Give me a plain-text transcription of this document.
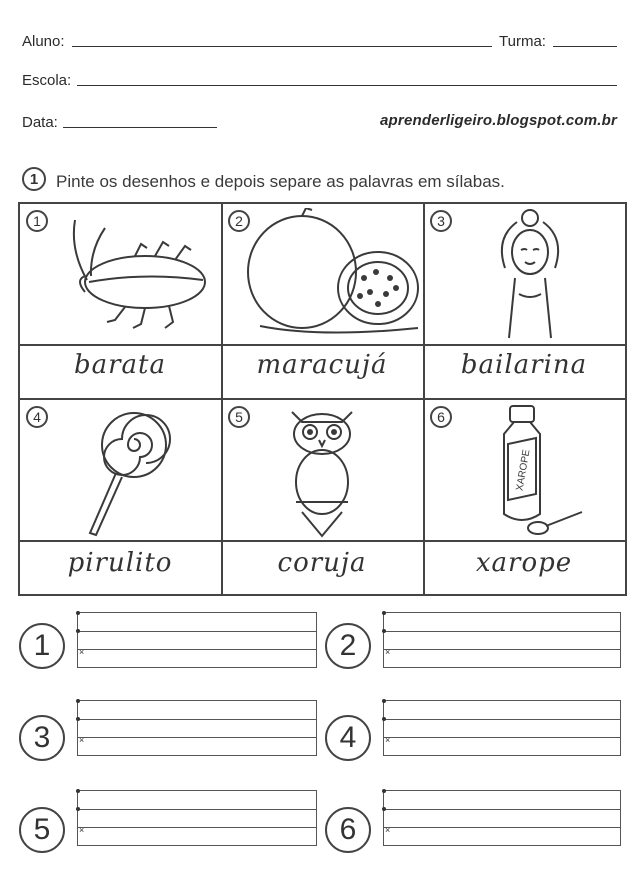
Aluno:	Turma:
Escola:
Data:	aprenderligeiro.blogspot.com.br
1 Pinte os desenhos e depois separe as palavras em sílabas.
1
barata
2
maracujá
3
bailarina
4
pirulito
5
coruja
6
XAROPE
xarope
1	×	2	×
3	×	4	×
5	×	6	×
